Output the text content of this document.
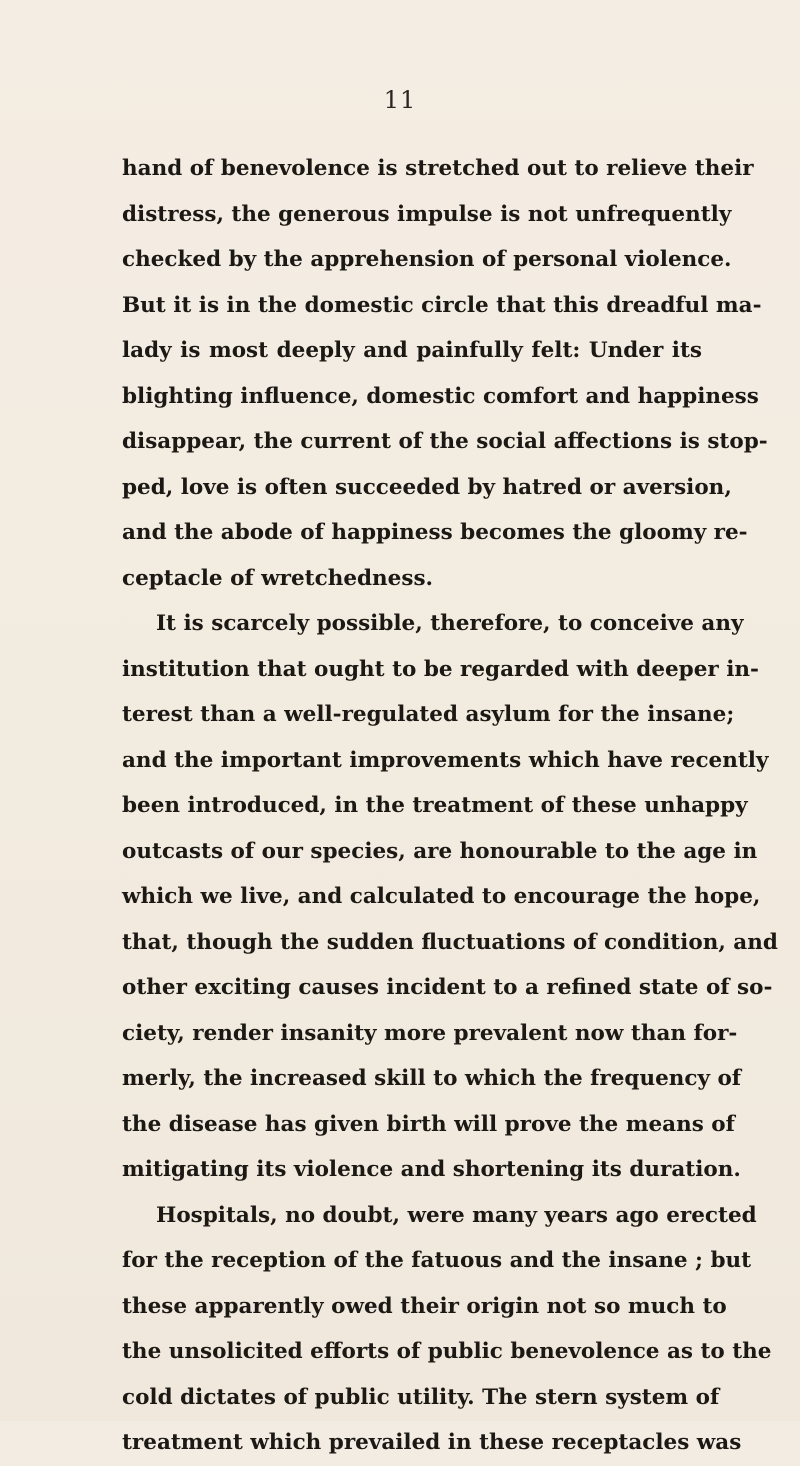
11
hand of benevolence is stretched out to relieve their
distress, the generous impulse is not unfrequently
checked by the apprehension of personal violence.
But it is in the domestic circle that this dreadful ma-
lady is most deeply and painfully felt: Under its
blighting influence, domestic comfort and happiness
disappear, the current of the social affections is stop-
ped, love is often succeeded by hatred or aversion,
and the abode of happiness becomes the gloomy re-
ceptacle of wretchedness.
It is scarcely possible, therefore, to conceive any
institution that ought to be regarded with deeper in-
terest than a well-regulated asylum for the insane;
and the important improvements which have recently
been introduced, in the treatment of these unhappy
outcasts of our species, are honourable to the age in
which we live, and calculated to encourage the hope,
that, though the sudden fluctuations of condition, and
other exciting causes incident to a refined state of so-
ciety, render insanity more prevalent now than for-
merly, the increased skill to which the frequency of
the disease has given birth will prove the means of
mitigating its violence and shortening its duration.
Hospitals, no doubt, were many years ago erected
for the reception of the fatuous and the insane ; but
these apparently owed their origin not so much to
the unsolicited efforts of public benevolence as to the
cold dictates of public utility. The stern system of
treatment which prevailed in these receptacles was
